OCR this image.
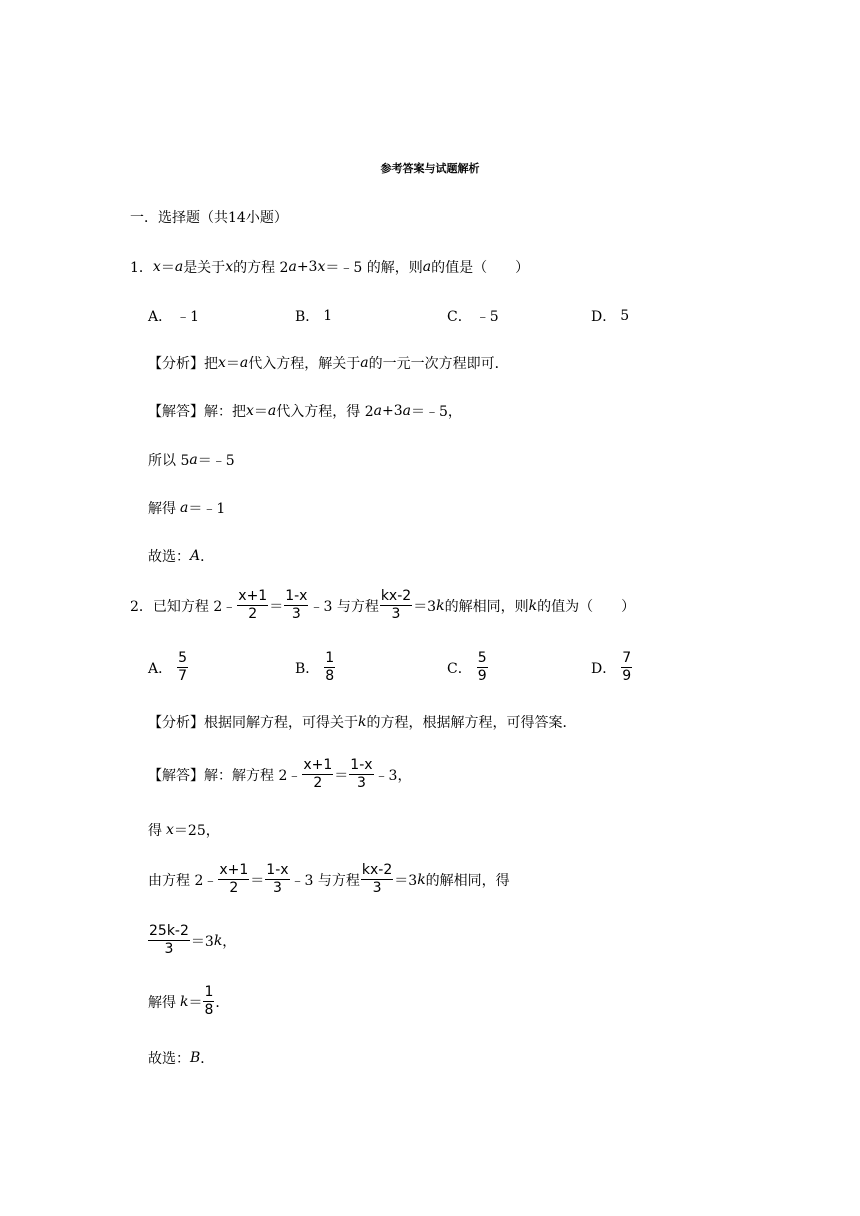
参考答案与试题解析
一．选择题（共14小题）
1． x ＝ a 是关于 x 的方程 2 a +3 x ＝﹣5 的解，则 a 的值是（　　）
A． ﹣1	B． 1	C． ﹣5	D． 5
【分析】 把 x ＝ a 代入方程，解关于 a 的一元一次方程即可．
【解答】 解：把 x ＝ a 代入方程，得 2 a +3 a ＝﹣5，
所以 5 a ＝﹣5
解得 a ＝﹣1
故选： A ．
2． 已知方程 2﹣ $\frac{x+1}{2} = \frac{1-x}{3}$ ﹣3 与方程 $\frac{kx-2}{3} =3$ k 的解相同，则 k 的值为（　　）
A． $\frac{5}{7}$	B． $\frac{1}{8}$	C． $\frac{5}{9}$	D． $\frac{7}{9}$
【分析】 根据同解方程，可得关于 k 的方程，根据解方程，可得答案．
【解答】 解：解方程 2﹣ $\frac{x+1}{2} = \frac{1-x}{3}$ ﹣3，
得 x ＝25，
由方程 2﹣ $\frac{x+1}{2} = \frac{1-x}{3}$ ﹣3 与方程 $\frac{kx-2}{3} =3$ k 的解相同，得
$\frac{25k-2}{3} =3$ k ，
解得 $k = \frac{1}{8}$ ．
故选： B ．
